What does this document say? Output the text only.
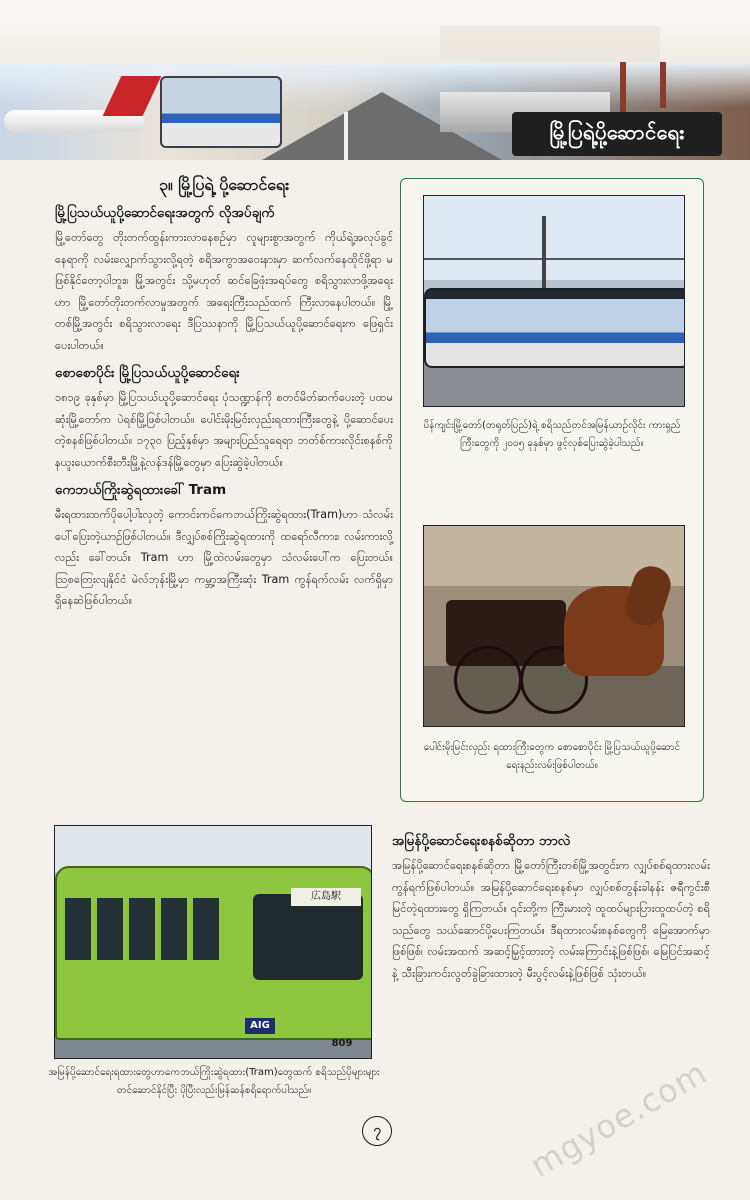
မြို့ပြရဲ့ပို့ဆောင်ရေး
၃။ မြို့ပြရဲ့ ပို့ဆောင်ရေး
မြို့ပြသယ်ယူပို့ဆောင်ရေးအတွက် လိုအပ်ချက်

မြို့တော်တွေ တိုးတက်ထွန်းကားလာနေစဉ်မှာ လူများစွာအတွက် ကိုယ်ရဲ့အလုပ်ခွင်နေရာကို လမ်းလျှောက်သွားလို့ရတဲ့ စရိအကွာအဝေးနားမှာ ဆက်လက်နေထိုင်ဖို့ရာ မဖြစ်နိုင်တော့ပါဘူး။ မြို့အတွင်း သို့မဟုတ် ဆင်ခြေဖုံးအရပ်တွေ စရိသွားလာဖို့အရေးဟာ မြို့တော်တိုးတက်လာမှုအတွက် အရေးကြီးသည်ထက် ကြီးလာနေပါတယ်။ မြို့တစ်မြို့အတွင်း စရိသွားလာရေး ဒီပြဿနာကို မြို့ပြသယ်ယူပို့ဆောင်ရေးက ဖြေရှင်းပေးပါတယ်။

စောစောပိုင်း မြို့ပြသယ်ယူပို့ဆောင်ရေး

၁၈၁၉ ခုနှစ်မှာ မြို့ပြသယ်ယူပို့ဆောင်ရေး ပုံသဏ္ဍာန်ကို စတင်မိတ်ဆက်ပေးတဲ့ ပထမဆုံးမြို့တော်က ပဲရစ်မြို့ဖြစ်ပါတယ်။ ပေါင်းမိုးမြင်းလှည်းရထားကြီးတွေနဲ့ ပို့ဆောင်ပေးတဲ့စနစ်ဖြစ်ပါတယ်။ ၁၇၃၀ ပြည့်နှစ်မှာ အများပြည်သူရေရာ ဘတ်စ်ကားလိုင်းစနစ်ကို နယူးယောက်စီးတီးမြို့နဲ့လန်ဒန်မြို့တွေမှာ ပြေးဆွဲခဲ့ပါတယ်။

ကေဘယ်ကြိုးဆွဲရထားခေါ် Tram

မီးရထားထက်ပိုပေါ့ပါးလှတဲ့ ကောင်းကင်ကေဘယ်ကြိုးဆွဲရထား(Tram)ဟာ သံလမ်းပေါ်ပြေးတဲ့ယာဉ်ဖြစ်ပါတယ်။ ဒီလျှပ်စစ်ကြိုးဆွဲရထားကို ထရော်လီကား၊ လမ်းကားလို့လည်း ခေါ်တယ်။ Tram ဟာ မြို့ထဲလမ်းတွေမှာ သံလမ်းပေါ်က ပြေးတယ်။ ဩစတြေးလျနိုင်ငံ မဲလ်ဘုန်းမြို့မှာ ကမ္ဘာ့အကြီးဆုံး Tram ကွန်ရက်လမ်း လက်ရှိမှာ ရှိနေဆဲဖြစ်ပါတယ်။

ပိန်ကျင်းမြို့တော်(တရုတ်ပြည်)ရဲ့ စရိသည်တင်အမြန်ယာဉ်လိုင်း ကားရှည်ကြီးတွေကို ၂၀၀၅ ခုနှစ်မှာ ဖွင့်လှစ်ပြေးဆွဲခဲ့ပါသည်။
ပေါင်းမိုးမြင်းလှည်း ရထားကြီးတွေက စောစောပိုင်း မြို့ပြသယ်ယူပို့ဆောင်ရေးနည်းလမ်းဖြစ်ပါတယ်။
広島駅
AIG
809
အမြန်ပို့ဆောင်ရေးရထားတွေဟာကေဘယ်ကြိုးဆွဲရထား(Tram)တွေထက် စရိသည်ပိုများများတင်ဆောင်နိုင်ပြီး ပိုပြီးလည်းမြန်ဆန်စရိရောက်ပါသည်။
အမြန်ပို့ဆောင်ရေးစနစ်ဆိုတာ ဘာလဲ

အမြန်ပို့ဆောင်ရေးစနစ်ဆိုတာ မြို့တော်ကြီးတစ်မြို့အတွင်းက လျှပ်စစ်ရထားလမ်းကွန်ရက်ဖြစ်ပါတယ်။ အမြန်ပို့ဆောင်ရေးစနစ်မှာ လျှပ်စစ်တွန်းခါနန်း ဇရီကွင်းစီမြင်တဲ့ရထားတွေ ရှိကြတယ်။ ၎င်းတို့က ကြီးမားတဲ့ ထူထပ်များပြားထူထပ်တဲ့ စရိသည်တွေ သယ်ဆောင်ပို့ပေးကြတယ်။ ဒီရထားလမ်းစနစ်တွေကို မြေအောက်မှာဖြစ်ဖြစ်၊ လမ်းအထက် အဆင့်မြှင့်ထားတဲ့ လမ်းကြောင်းနဲ့ဖြစ်ဖြစ်၊ မြေပြင်အဆင့်နဲ့ သီးခြားကင်းလွတ်ခွဲခြားထားတဲ့ မီးပွင့်လမ်းနဲ့ဖြစ်ဖြစ် သုံးတယ်။

၇	mgyoe.com
